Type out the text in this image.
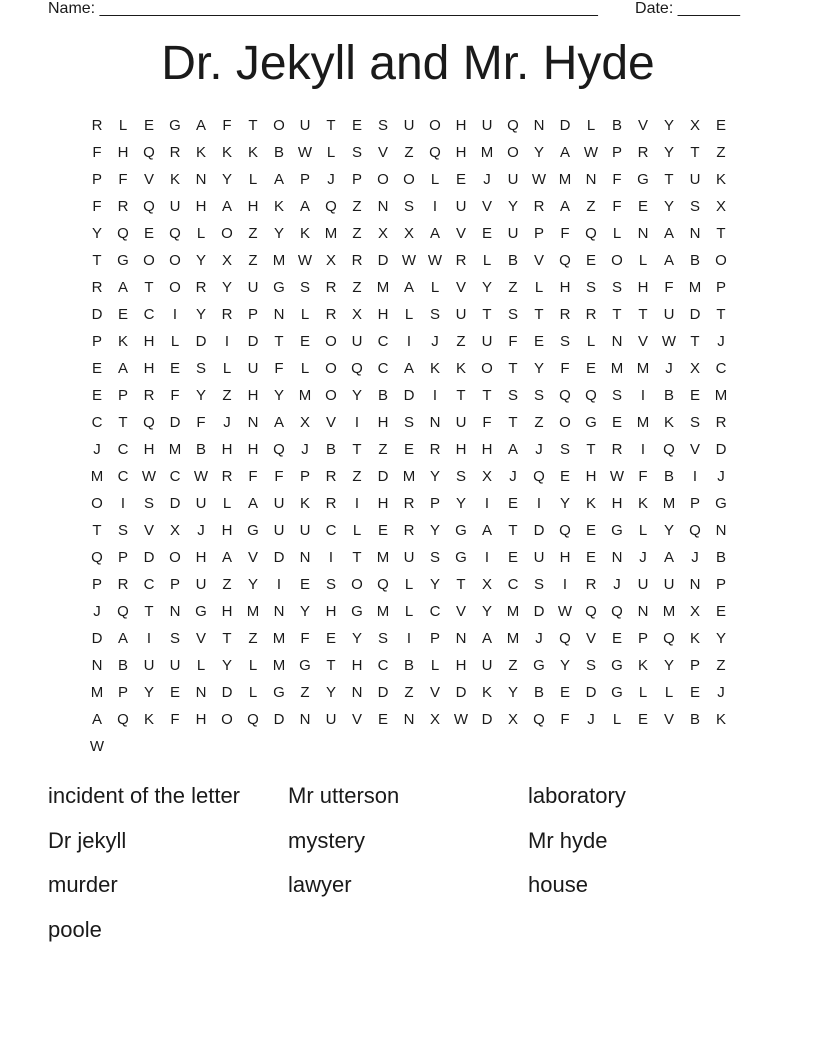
Name: ________________________________________________________ Date: _______
Dr. Jekyll and Mr. Hyde
R	L	E	G	A	F	T	O U	T	E	S	U O H	U Q N	D	L	B	V	Y	X	E
F	H Q R	K	K	K	B W L	S	V	Z	Q H M O	Y	A W P	R	Y	T	Z
P	F	V	K	N	Y	L	A	P	J	P	O O	L	E	J	U W M N	F	G	T	U	K
F	R Q U	H	A	H	K	A	Q	Z	N	S	I	U	V	Y	R	A	Z	F	E	Y	S	X
Y	Q	E	Q	L	O	Z	Y	K M	Z	X	X	A	V	E	U	P	F	Q	L	N	A	N	T
T	G O O	Y	X	Z	M W X	R	D W W R	L	B	V	Q	E	O	L	A	B	O
R	A	T	O R	Y	U G	S	R	Z	M A	L	V	Y	Z	L	H	S	S	H	F	M P
D	E	C	I	Y	R	P	N	L	R	X	H	L	S	U	T	S	T	R	R	T	T	U	D	T
P	K	H	L	D	I	D	T	E	O U	C	I	J	Z	U	F	E	S	L	N	V W T	J
E	A	H	E	S	L	U	F	L	O Q C	A	K	K	O	T	Y	F	E M M	J	X	C
E	P	R	F	Y	Z	H	Y M O	Y	B	D	I	T	T	S	S	Q Q	S	I	B	E M
C	T	Q D	F	J	N	A	X	V	I	H	S	N	U	F	T	Z	O G	E M K	S	R
J	C	H M B	H	H Q	J	B	T	Z	E	R	H	H	A	J	S	T	R	I	Q	V	D
M C W C W R	F	F	P	R	Z	D M Y	S	X	J	Q	E	H W F	B	I	J
O	I	S	D	U	L	A	U	K	R	I	H	R	P	Y	I	E	I	Y	K	H	K M P	G
T	S	V	X	J	H G U	U	C	L	E	R	Y	G	A	T	D Q	E	G	L	Y	Q N
Q	P	D O H	A	V	D	N	I	T	M U	S	G	I	E	U	H	E	N	J	A	J	B
P	R	C	P	U	Z	Y	I	E	S	O Q	L	Y	T	X	C	S	I	R	J	U	U	N	P
J	Q	T	N G H M N	Y	H G M	L	C	V	Y M D W Q Q N M X	E
D	A	I	S	V	T	Z	M	F	E	Y	S	I	P	N	A M	J	Q	V	E	P	Q	K	Y
N	B	U	U	L	Y	L	M G	T	H	C	B	L	H	U	Z	G	Y	S	G	K	Y	P	Z
M P	Y	E	N	D	L	G	Z	Y	N	D	Z	V	D	K	Y	B	E	D G	L	L	E	J
A	Q	K	F	H O Q D	N	U	V	E	N	X W D	X	Q	F	J	L	E	V	B	K
W
incident of the letter	Mr utterson	laboratory
Dr jekyll	mystery	Mr hyde
murder	lawyer	house
poole
